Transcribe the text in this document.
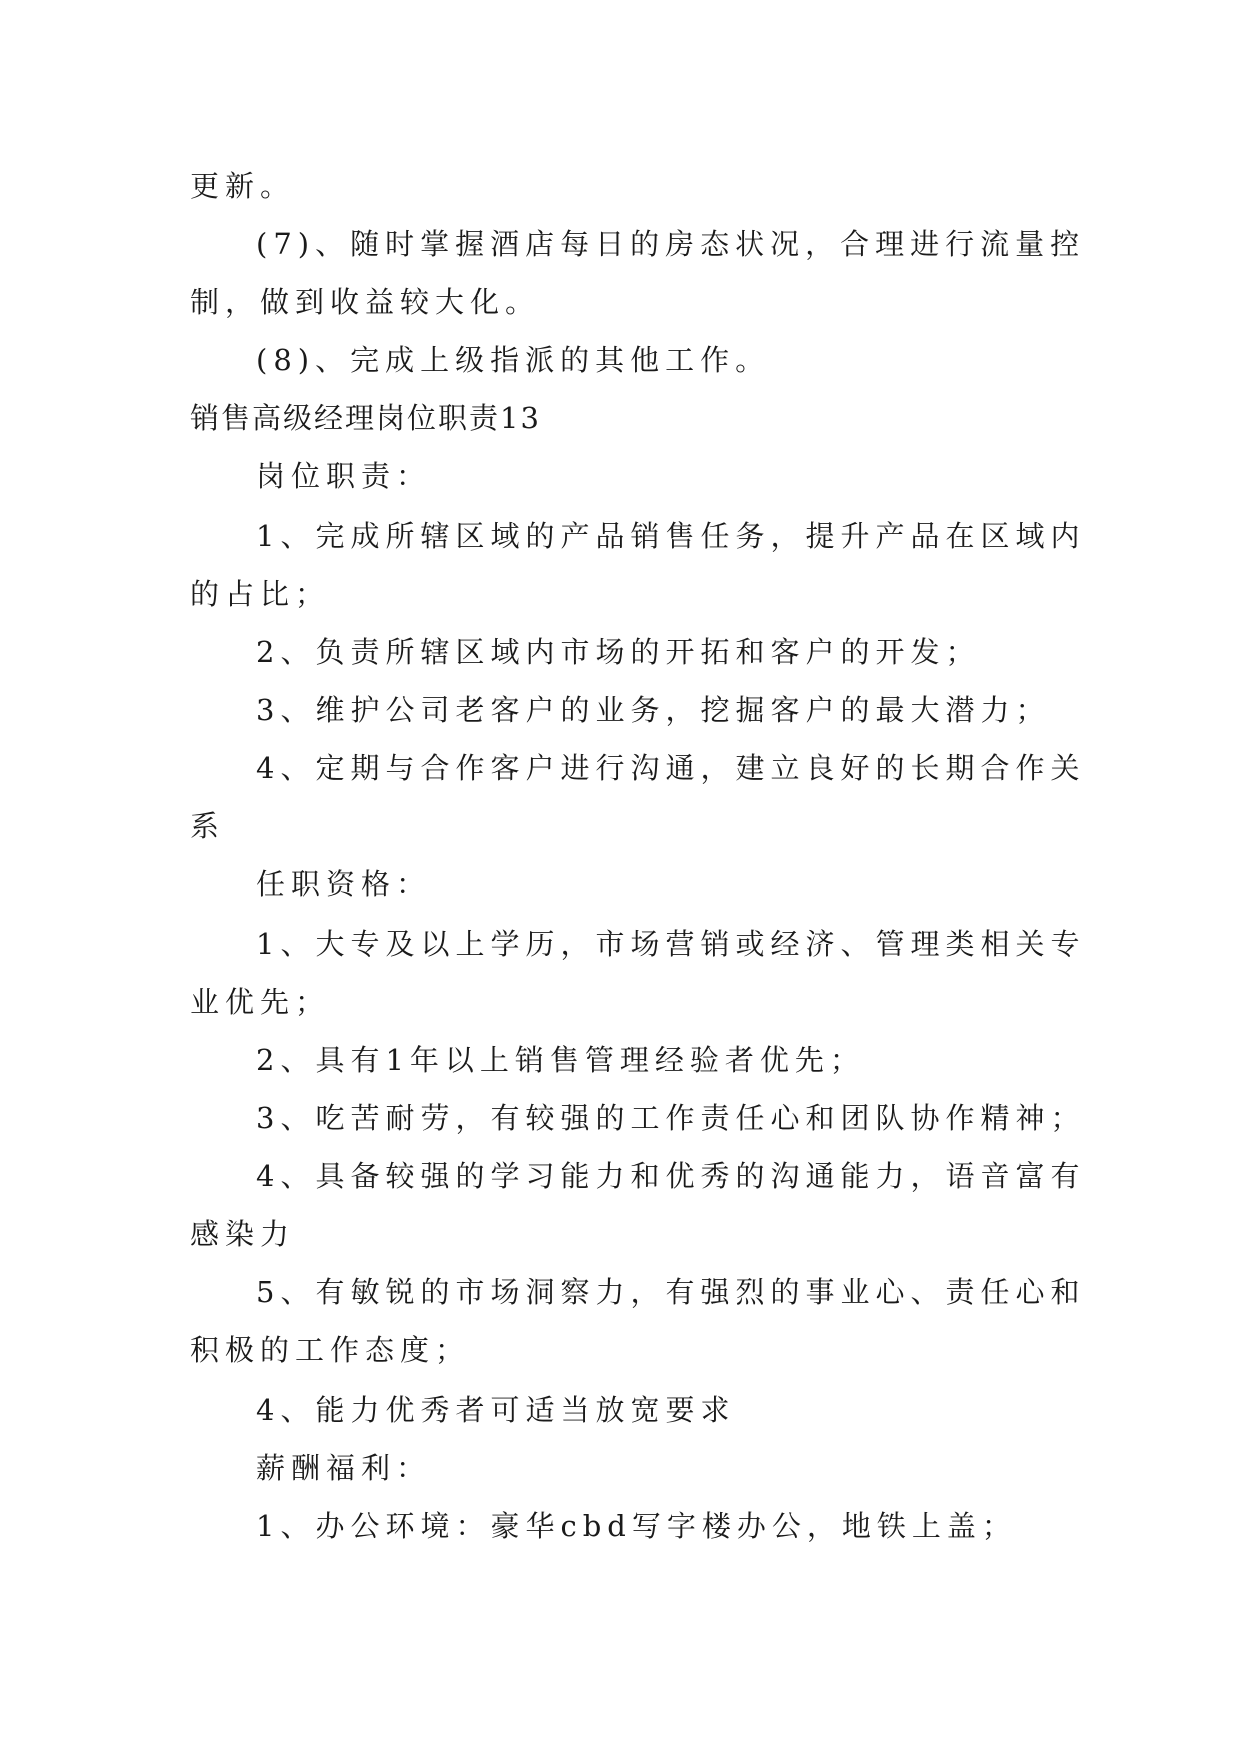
更新。
(7)、随时掌握酒店每日的房态状况，合理进行流量控
制，做到收益较大化。
(8)、完成上级指派的其他工作。
销售高级经理岗位职责13
岗位职责：
1、完成所辖区域的产品销售任务，提升产品在区域内
的占比；
2、负责所辖区域内市场的开拓和客户的开发；
3、维护公司老客户的业务，挖掘客户的最大潜力；
4、定期与合作客户进行沟通，建立良好的长期合作关
系
任职资格：
1、大专及以上学历，市场营销或经济、管理类相关专
业优先；
2、具有1年以上销售管理经验者优先；
3、吃苦耐劳，有较强的工作责任心和团队协作精神；
4、具备较强的学习能力和优秀的沟通能力，语音富有
感染力
5、有敏锐的市场洞察力，有强烈的事业心、责任心和
积极的工作态度；
4、能力优秀者可适当放宽要求
薪酬福利：
1、办公环境：豪华cbd写字楼办公，地铁上盖；
